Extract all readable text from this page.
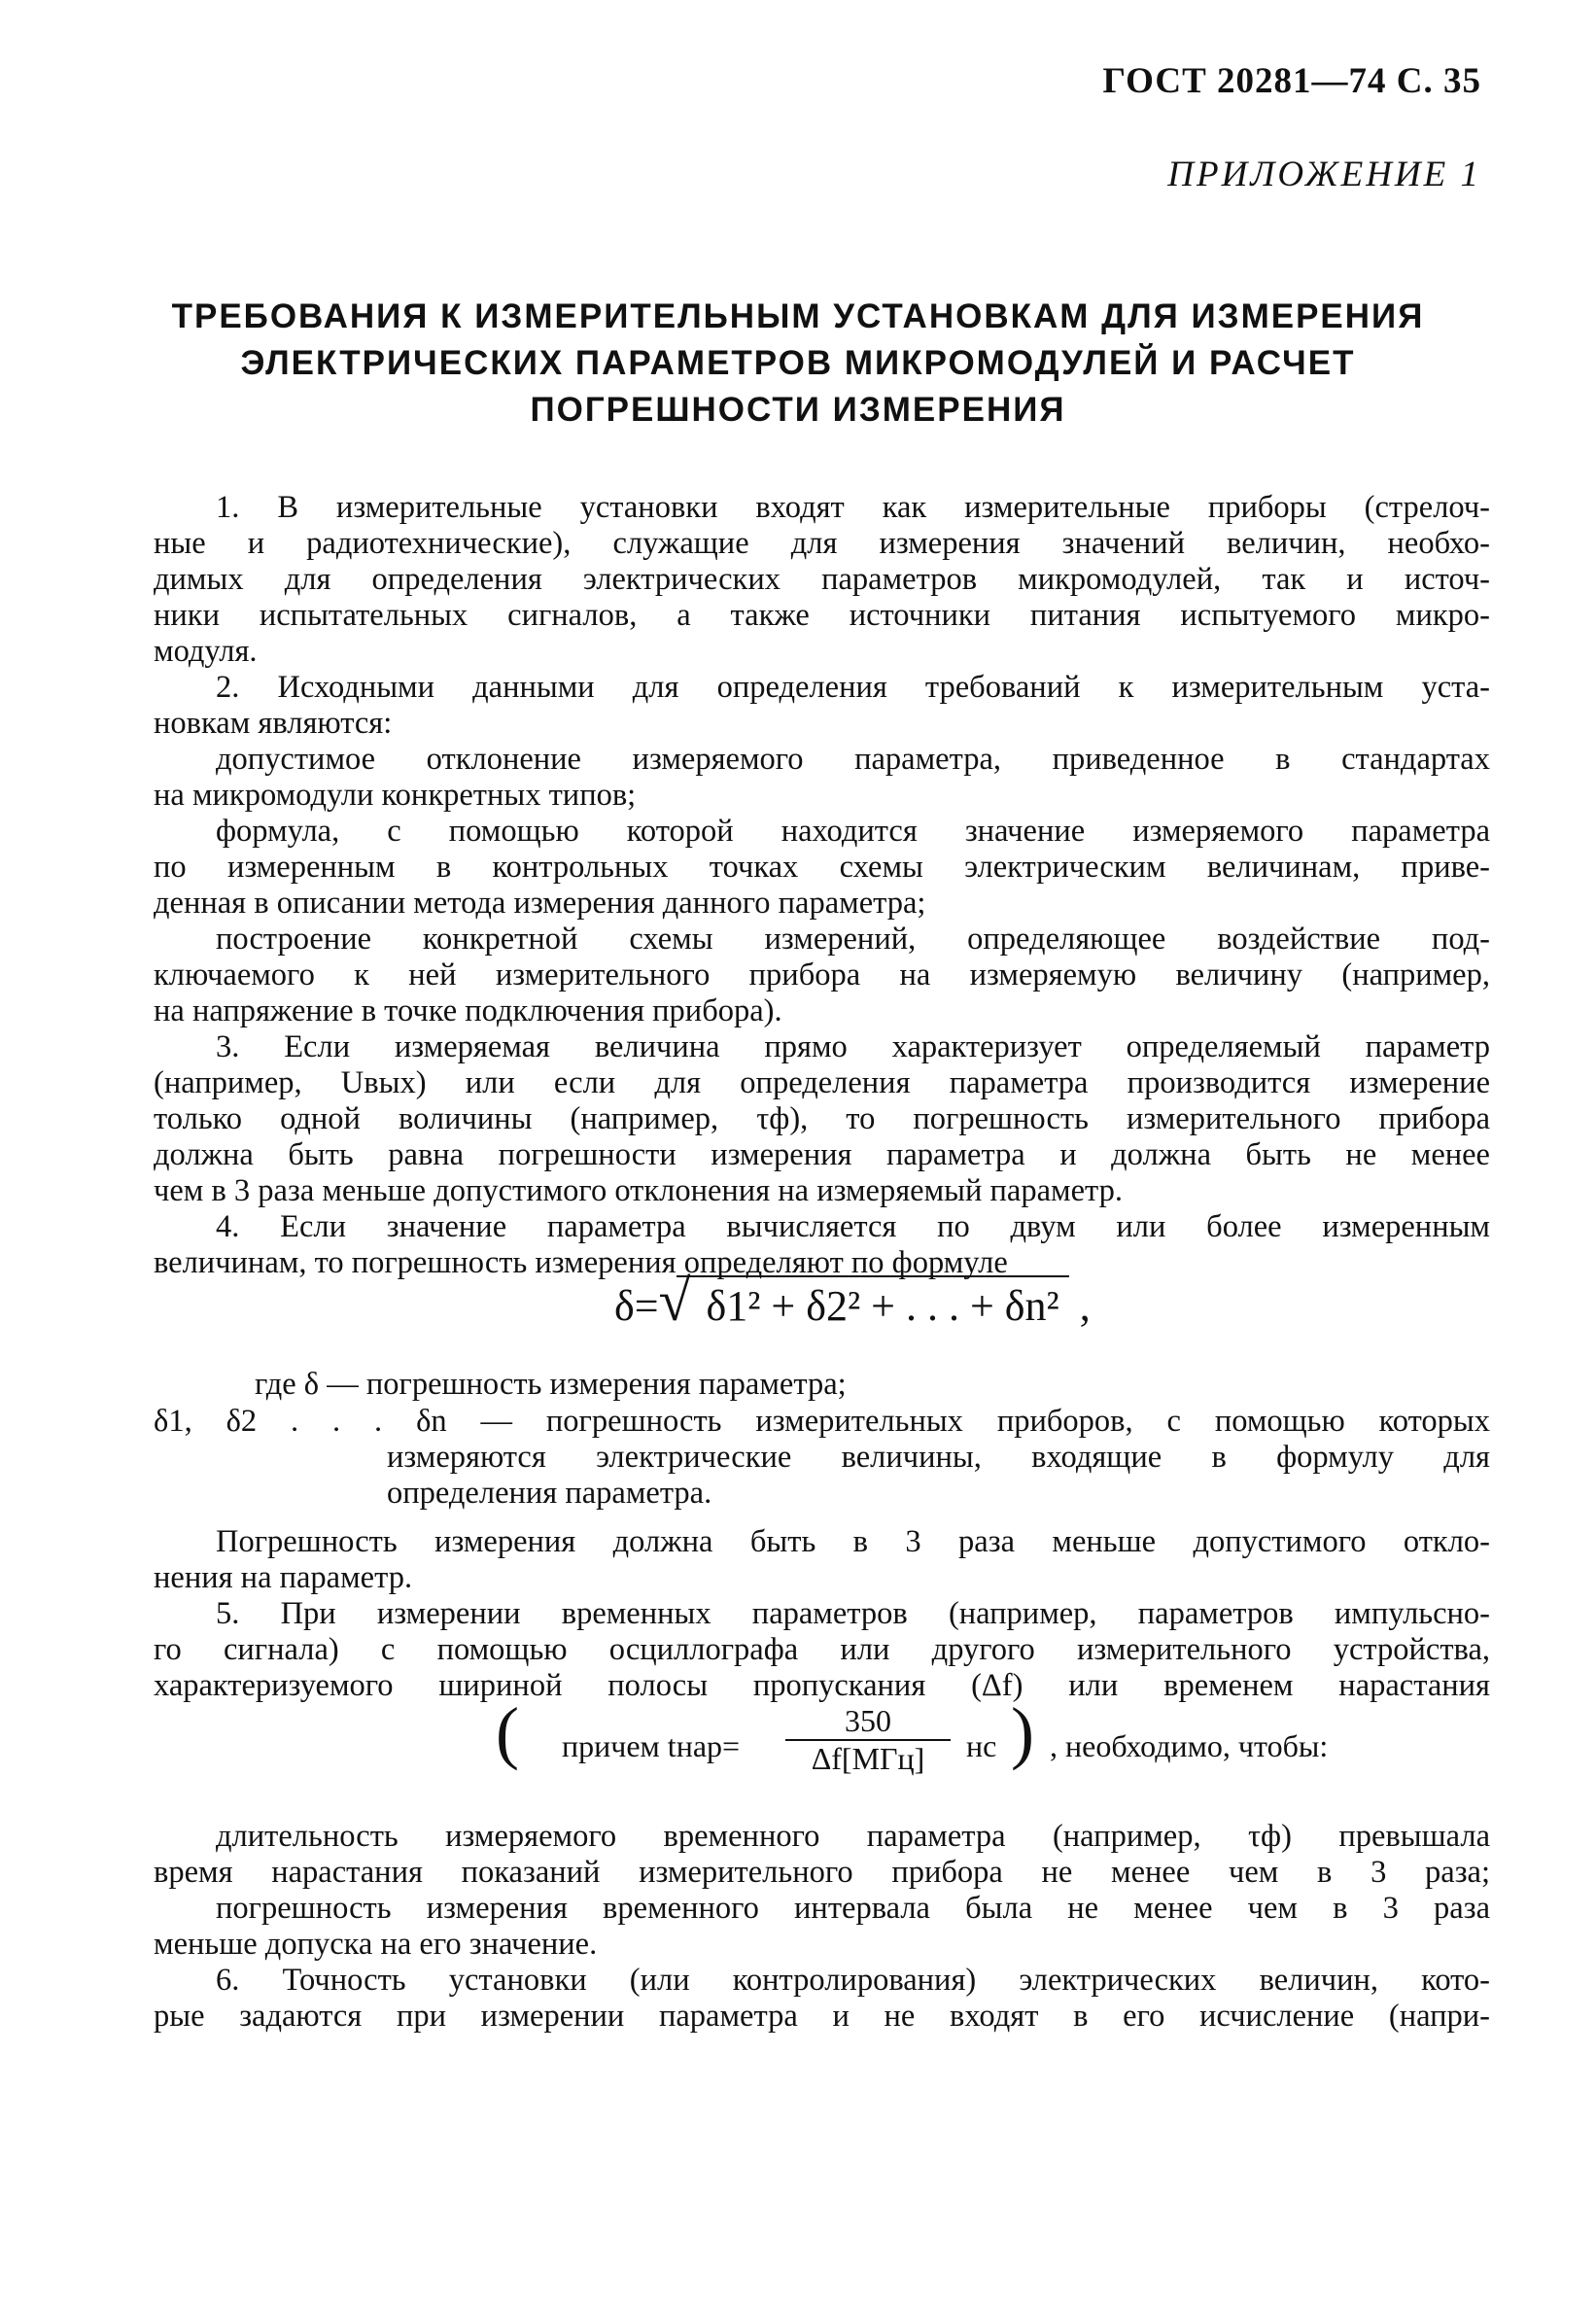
ГОСТ 20281—74 С. 35
ПРИЛОЖЕНИЕ 1
ТРЕБОВАНИЯ К ИЗМЕРИТЕЛЬНЫМ УСТАНОВКАМ ДЛЯ ИЗМЕРЕНИЯ
ЭЛЕКТРИЧЕСКИХ ПАРАМЕТРОВ МИКРОМОДУЛЕЙ И РАСЧЕТ
ПОГРЕШНОСТИ ИЗМЕРЕНИЯ
1. В измерительные установки входят как измерительные приборы (стрелоч-
ные и радиотехнические), служащие для измерения значений величин, необхо-
димых для определения электрических параметров микромодулей, так и источ-
ники испытательных сигналов, а также источники питания испытуемого микро-
модуля.
2. Исходными данными для определения требований к измерительным уста-
новкам являются:
допустимое отклонение измеряемого параметра, приведенное в стандартах
на микромодули конкретных типов;
формула, с помощью которой находится значение измеряемого параметра
по измеренным в контрольных точках схемы электрическим величинам, приве-
денная в описании метода измерения данного параметра;
построение конкретной схемы измерений, определяющее воздействие под-
ключаемого к ней измерительного прибора на измеряемую величину (например,
на напряжение в точке подключения прибора).
3. Если измеряемая величина прямо характеризует определяемый параметр
(например, Uвых) или если для определения параметра производится измерение
только одной воличины (например, τф), то погрешность измерительного прибора
должна быть равна погрешности измерения параметра и должна быть не менее
чем в 3 раза меньше допустимого отклонения на измеряемый параметр.
4. Если значение параметра вычисляется по двум или более измеренным
величинам, то погрешность измерения определяют по формуле
δ=√ δ1² + δ2² + . . . + δn² ,
где δ — погрешность измерения параметра;
δ1, δ2 . . . δn — погрешность измерительных приборов, с помощью которых
измеряются электрические величины, входящие в формулу для
определения параметра.
Погрешность измерения должна быть в 3 раза меньше допустимого откло-
нения на параметр.
5. При измерении временных параметров (например, параметров импульсно-
го сигнала) с помощью осциллографа или другого измерительного устройства,
характеризуемого шириной полосы пропускания (Δf) или временем нарастания
( причем tнар=
350
Δf[МГц]	нс ) , необходимо, чтобы:
длительность измеряемого временного параметра (например, τф) превышала
время нарастания показаний измерительного прибора не менее чем в 3 раза;
погрешность измерения временного интервала была не менее чем в 3 раза
меньше допуска на его значение.
6. Точность установки (или контролирования) электрических величин, кото-
рые задаются при измерении параметра и не входят в его исчисление (напри-
